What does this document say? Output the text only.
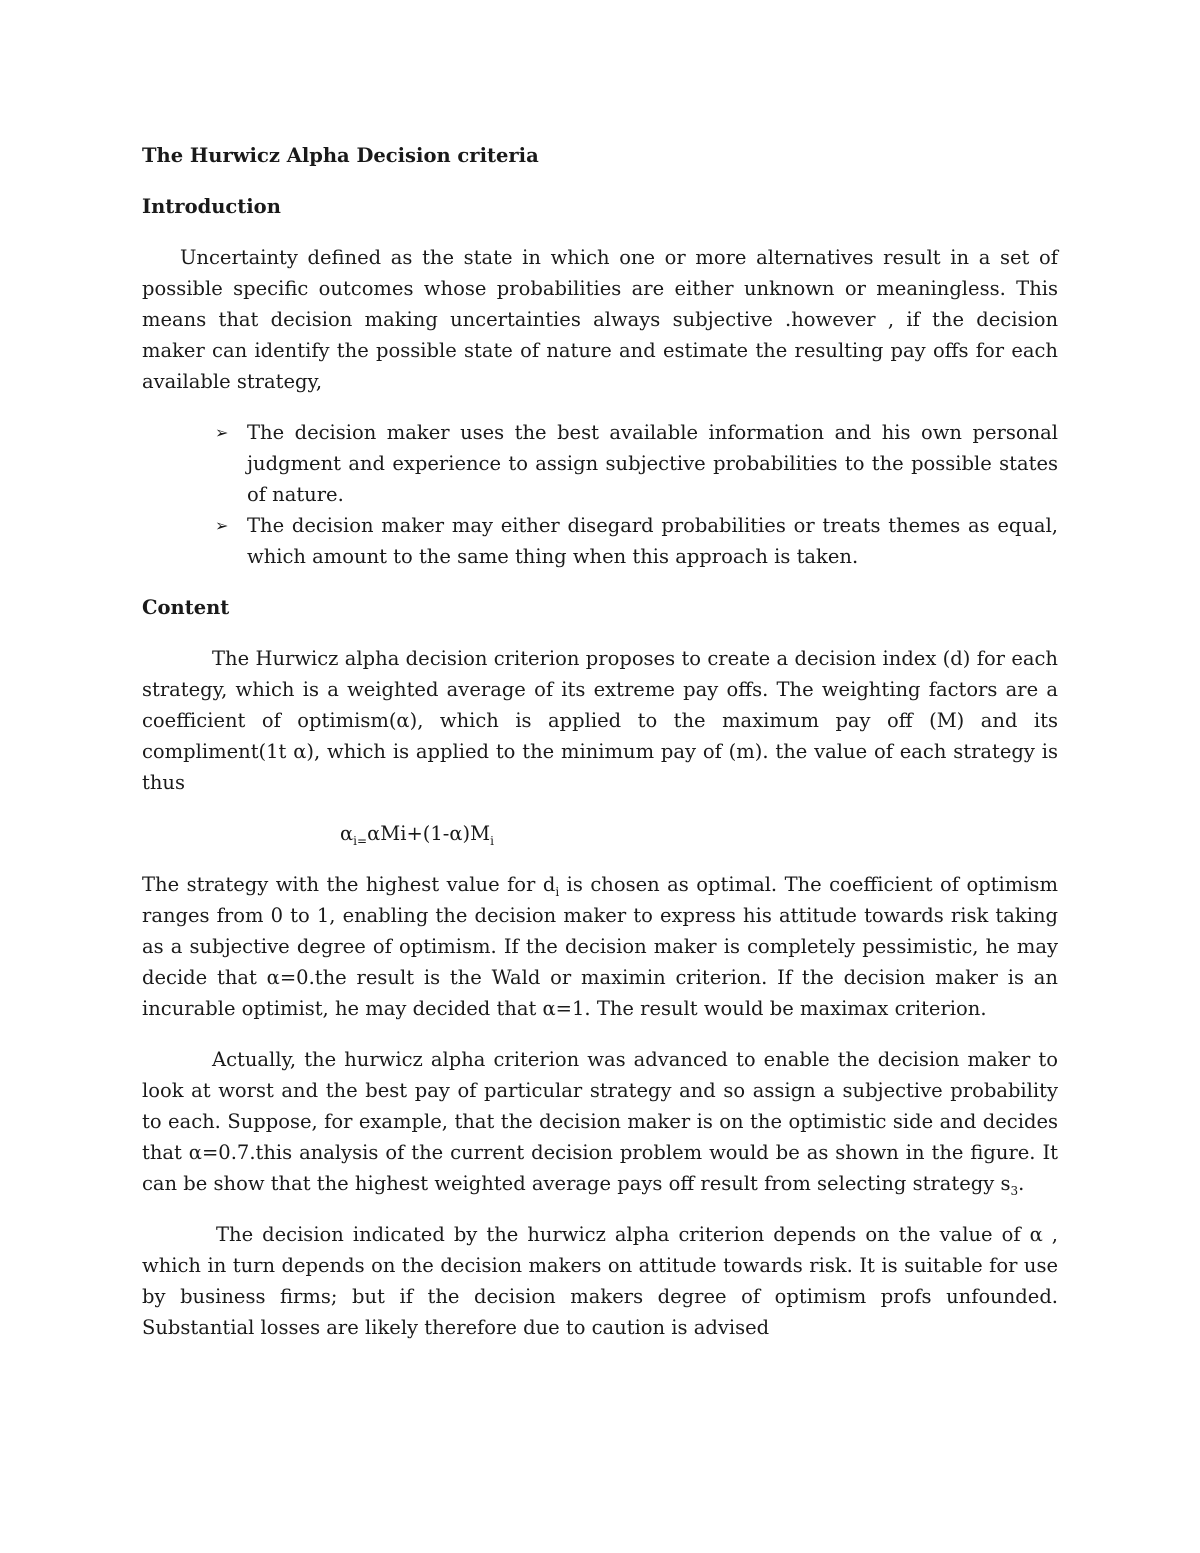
The Hurwicz Alpha Decision criteria
Introduction

Uncertainty defined as the state in which one or more alternatives result in a set of possible specific outcomes whose probabilities are either unknown or meaningless. This means that decision making uncertainties always subjective .however , if the decision maker can identify the possible state of nature and estimate the resulting pay offs for each available strategy,

➢ The decision maker uses the best available information and his own personal judgment and experience to assign subjective probabilities to the possible states of nature.
➢ The decision maker may either disegard probabilities or treats themes as equal, which amount to the same thing when this approach is taken.
Content

The Hurwicz alpha decision criterion proposes to create a decision index (d) for each strategy, which is a weighted average of its extreme pay offs. The weighting factors are a coefficient of optimism(α), which is applied to the maximum pay off (M) and its compliment(1t α), which is applied to the minimum pay of (m). the value of each strategy is thus

$\alpha_{i=}\alpha Mi+(1-\alpha)M_i$

The strategy with the highest value for $d_i$ is chosen as optimal. The coefficient of optimism ranges from 0 to 1, enabling the decision maker to express his attitude towards risk taking as a subjective degree of optimism. If the decision maker is completely pessimistic, he may decide that α=0.the result is the Wald or maximin criterion. If the decision maker is an incurable optimist, he may decided that α=1. The result would be maximax criterion.

Actually, the hurwicz alpha criterion was advanced to enable the decision maker to look at worst and the best pay of particular strategy and so assign a subjective probability to each. Suppose, for example, that the decision maker is on the optimistic side and decides that α=0.7.this analysis of the current decision problem would be as shown in the figure. It can be show that the highest weighted average pays off result from selecting strategy $s_3$.

The decision indicated by the hurwicz alpha criterion depends on the value of α , which in turn depends on the decision makers on attitude towards risk. It is suitable for use by business firms; but if the decision makers degree of optimism profs unfounded. Substantial losses are likely therefore due to caution is advised
